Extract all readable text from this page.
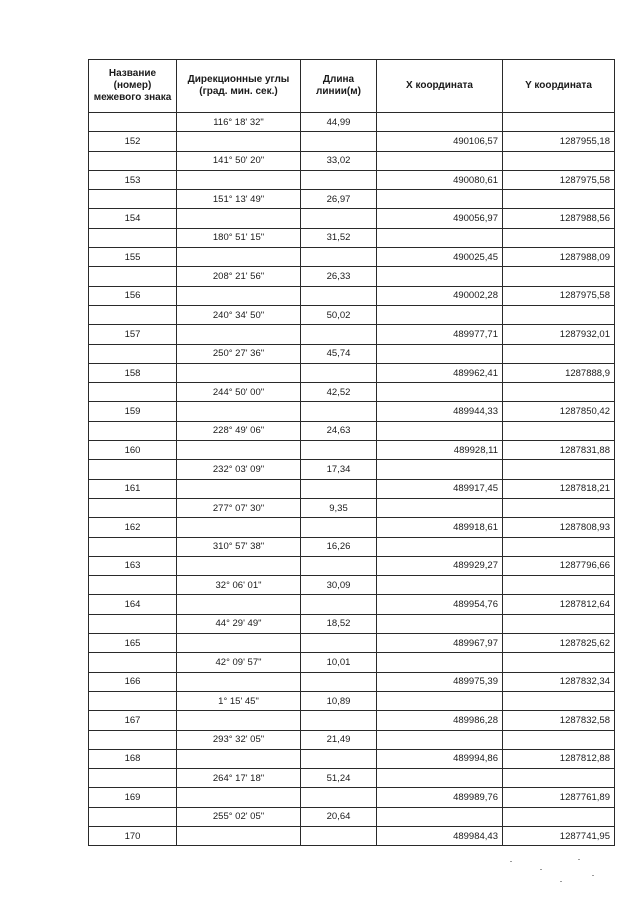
Название (номер) межевого знака	Дирекционные углы (град. мин. сек.)	Длина линии(м)	X координата	Y координата
	116° 18' 32"	44,99		
152			490106,57	1287955,18
	141° 50' 20"	33,02		
153			490080,61	1287975,58
	151° 13' 49"	26,97		
154			490056,97	1287988,56
	180° 51' 15"	31,52		
155			490025,45	1287988,09
	208° 21' 56"	26,33		
156			490002,28	1287975,58
	240° 34' 50"	50,02		
157			489977,71	1287932,01
	250° 27' 36"	45,74		
158			489962,41	1287888,9
	244° 50' 00"	42,52		
159			489944,33	1287850,42
	228° 49' 06"	24,63		
160			489928,11	1287831,88
	232° 03' 09"	17,34		
161			489917,45	1287818,21
	277° 07' 30"	9,35		
162			489918,61	1287808,93
	310° 57' 38"	16,26		
163			489929,27	1287796,66
	32° 06' 01"	30,09		
164			489954,76	1287812,64
	44° 29' 49"	18,52		
165			489967,97	1287825,62
	42° 09' 57"	10,01		
166			489975,39	1287832,34
	1° 15' 45"	10,89		
167			489986,28	1287832,58
	293° 32' 05"	21,49		
168			489994,86	1287812,88
	264° 17' 18"	51,24		
169			489989,76	1287761,89
	255° 02' 05"	20,64		
170			489984,43	1287741,95
